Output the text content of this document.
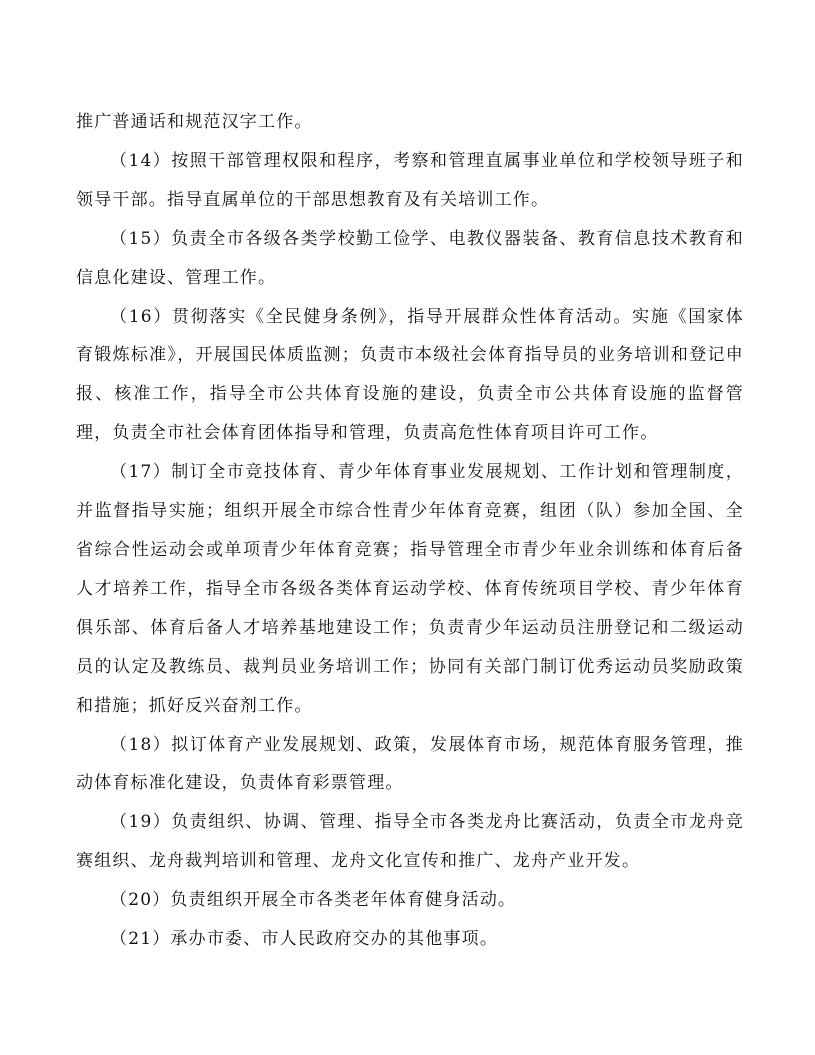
推广普通话和规范汉字工作。

（14）按照干部管理权限和程序，考察和管理直属事业单位和学校领导班子和领导干部。指导直属单位的干部思想教育及有关培训工作。

（15）负责全市各级各类学校勤工俭学、电教仪器装备、教育信息技术教育和信息化建设、管理工作。

（16）贯彻落实《全民健身条例》，指导开展群众性体育活动。实施《国家体育锻炼标准》，开展国民体质监测；负责市本级社会体育指导员的业务培训和登记申报、核准工作，指导全市公共体育设施的建设，负责全市公共体育设施的监督管理，负责全市社会体育团体指导和管理，负责高危性体育项目许可工作。

（17）制订全市竞技体育、青少年体育事业发展规划、工作计划和管理制度，并监督指导实施；组织开展全市综合性青少年体育竞赛，组团（队）参加全国、全省综合性运动会或单项青少年体育竞赛；指导管理全市青少年业余训练和体育后备人才培养工作，指导全市各级各类体育运动学校、体育传统项目学校、青少年体育俱乐部、体育后备人才培养基地建设工作；负责青少年运动员注册登记和二级运动员的认定及教练员、裁判员业务培训工作；协同有关部门制订优秀运动员奖励政策和措施；抓好反兴奋剂工作。

（18）拟订体育产业发展规划、政策，发展体育市场，规范体育服务管理，推动体育标准化建设，负责体育彩票管理。

（19）负责组织、协调、管理、指导全市各类龙舟比赛活动，负责全市龙舟竞赛组织、龙舟裁判培训和管理、龙舟文化宣传和推广、龙舟产业开发。

（20）负责组织开展全市各类老年体育健身活动。

（21）承办市委、市人民政府交办的其他事项。
